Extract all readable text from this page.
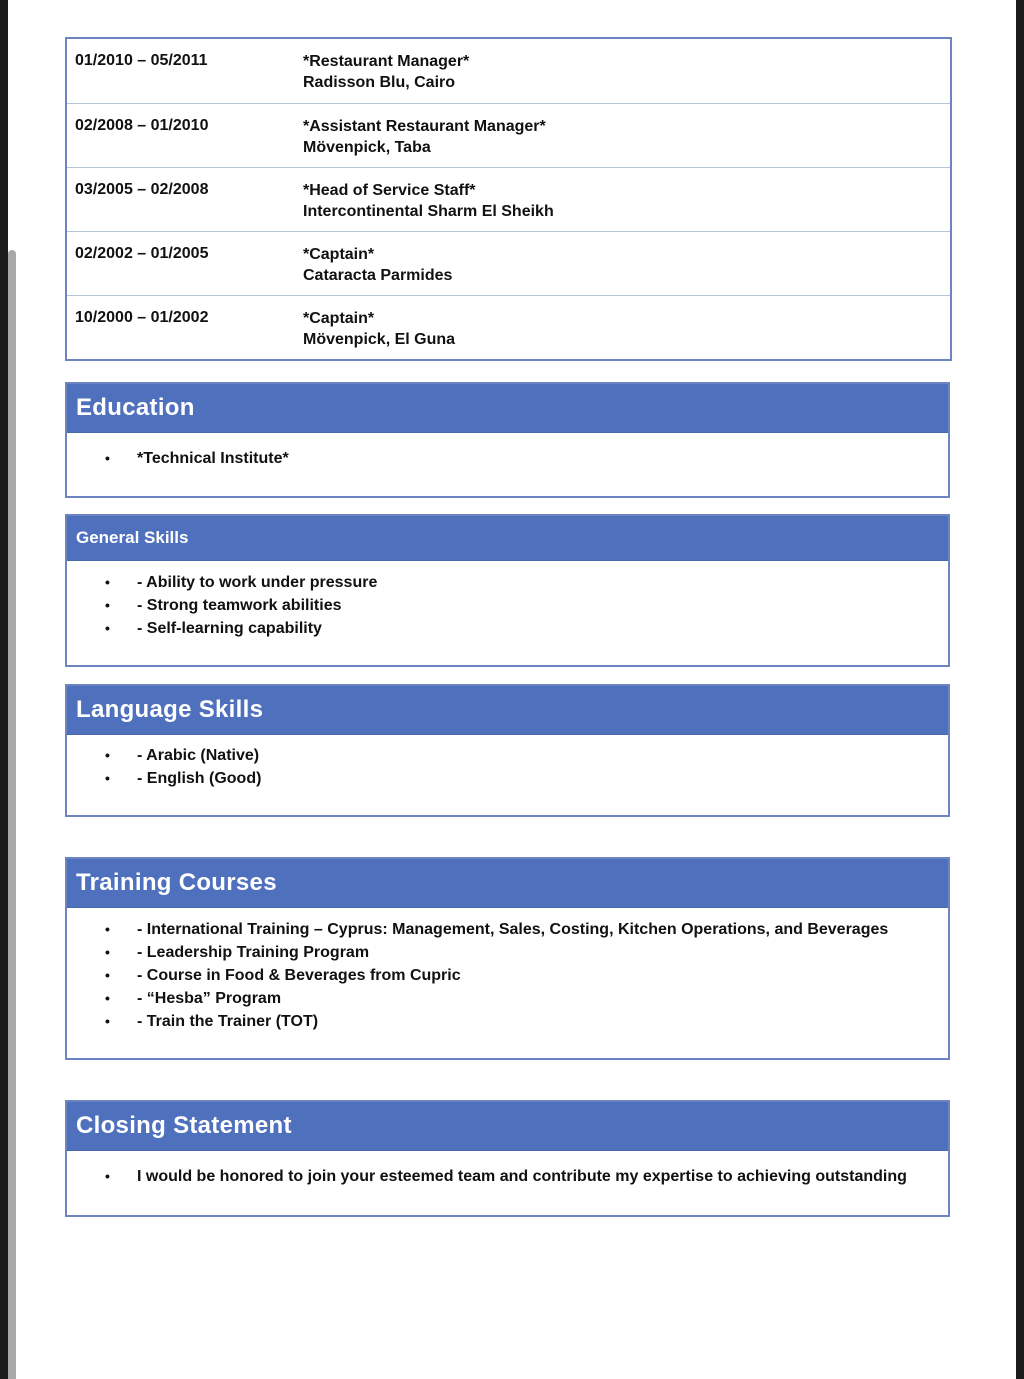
01/2010 – 05/2011	*Restaurant Manager*
Radisson Blu, Cairo
02/2008 – 01/2010	*Assistant Restaurant Manager*
Mövenpick, Taba
03/2005 – 02/2008	*Head of Service Staff*
Intercontinental Sharm El Sheikh
02/2002 – 01/2005	*Captain*
Cataracta Parmides
10/2000 – 01/2002	*Captain*
Mövenpick, El Guna
Education
•	*Technical Institute*
General Skills
•	- Ability to work under pressure
•	- Strong teamwork abilities
•	- Self-learning capability
Language Skills
•	- Arabic (Native)
•	- English (Good)
Training Courses
•	- International Training – Cyprus: Management, Sales, Costing, Kitchen Operations, and Beverages
•	- Leadership Training Program
•	- Course in Food & Beverages from Cupric
•	- “Hesba” Program
•	- Train the Trainer (TOT)
Closing Statement
•	I would be honored to join your esteemed team and contribute my expertise to achieving outstanding
